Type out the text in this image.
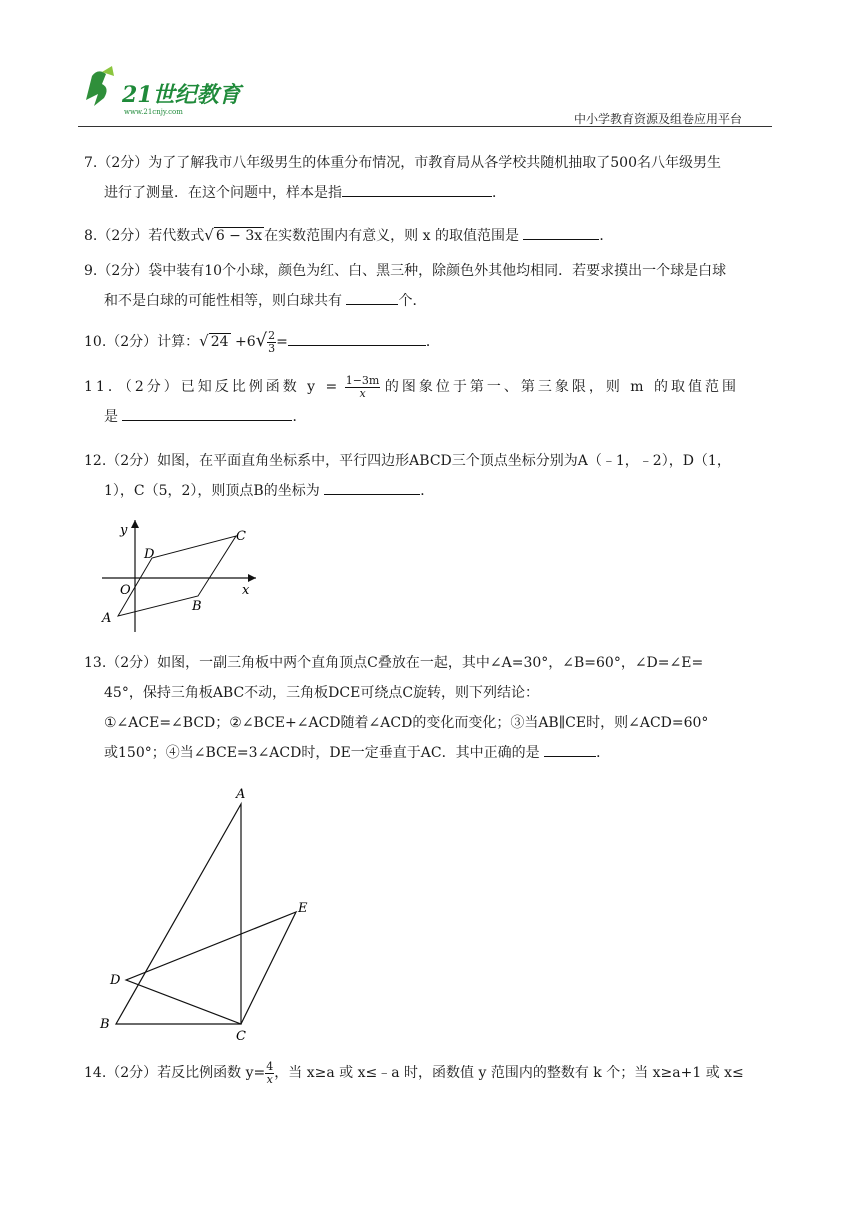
21世纪教育
www.21cnjy.com	中小学教育资源及组卷应用平台
7.（2分）为了了解我市八年级男生的体重分布情况，市教育局从各学校共随机抽取了500名八年级男生
进行了测量．在这个问题中，样本是指	．
8.（2分）若代数式√ 6 − 3x 在实数范围内有意义，则 x 的取值范围是	．
9.（2分）袋中装有10个小球，颜色为红、白、黑三种，除颜色外其他均相同．若要求摸出一个球是白球
和不是白球的可能性相等，则白球共有	个．
10.（2分）计算：√ $24 +6√ \frac{2}{3}$ =	．
11．（2分）已知反比例函数 $y = \frac{1-3m}{x}$ 的图象位于第一、第三象限，则 m 的取值范围
是	．
12.（2分）如图，在平面直角坐标系中，平行四边形ABCD三个顶点坐标分别为A（﹣1，﹣2），D（1，
1），C（5，2），则顶点B的坐标为	．
y
x
O
A
B
C
D
13.（2分）如图，一副三角板中两个直角顶点C叠放在一起，其中∠A=30°，∠B=60°，∠D=∠E=
45°，保持三角板ABC不动，三角板DCE可绕点C旋转，则下列结论：
①∠ACE=∠BCD；②∠BCE+∠ACD随着∠ACD的变化而变化；③当AB∥CE时，则∠ACD=60°
或150°；④当∠BCE=3∠ACD时，DE一定垂直于AC．其中正确的是	．
A
B
C
D
E
14.（2分）若反比例函数 $y= \frac{4}{x}$ ，当 x≥a 或 x≤﹣a 时，函数值 y 范围内的整数有 k 个；当 x≥a+1 或 x≤
